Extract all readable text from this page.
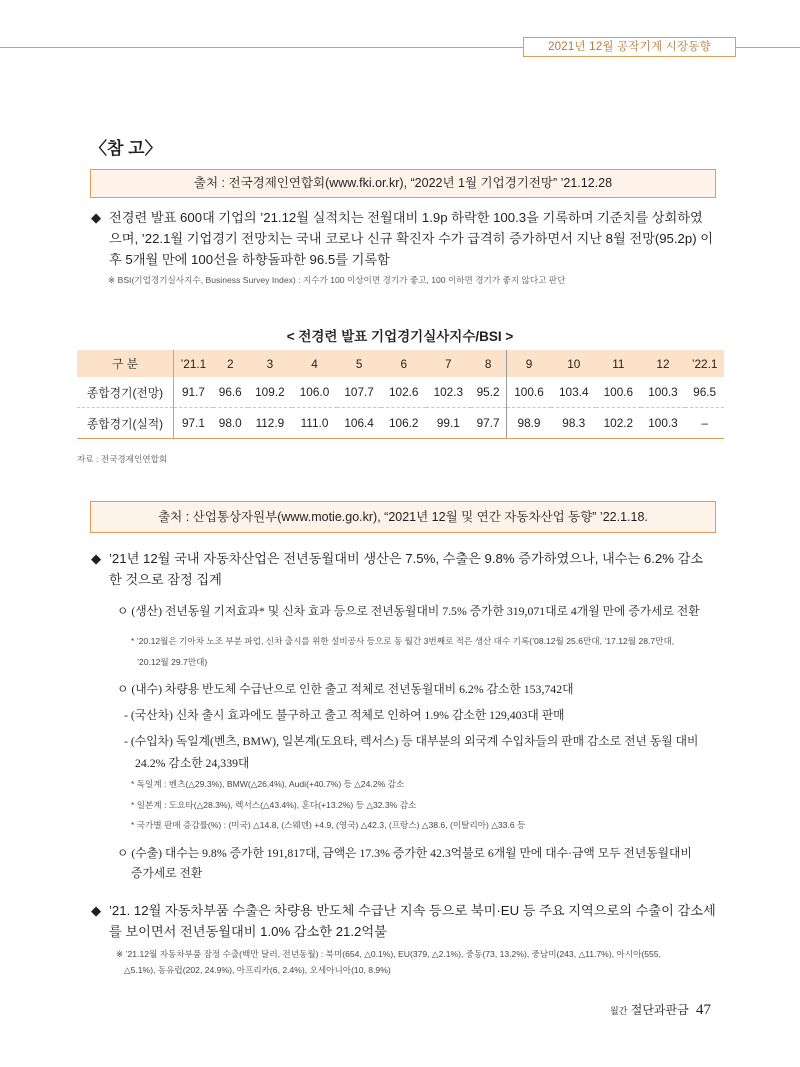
2021년 12월 공작기계 시장동향
〈참 고〉
출처 : 전국경제인연합회(www.fki.or.kr), “2022년 1월 기업경기전망” ’21.12.28
◆ 전경련 발표 600대 기업의 ’21.12월 실적치는 전월대비 1.9p 하락한 100.3을 기록하며 기준치를 상회하였
으며, ’22.1월 기업경기 전망치는 국내 코로나 신규 확진자 수가 급격히 증가하면서 지난 8월 전망(95.2p) 이
후 5개월 만에 100선을 하향돌파한 96.5를 기록함
※ BSI(기업경기실사지수, Business Survey Index) : 지수가 100 이상이면 경기가 좋고, 100 이하면 경기가 좋지 않다고 판단
< 전경련 발표 기업경기실사지수/BSI >
구 분	’21.1	2	3	4	5	6	7	8	9	10	11	12	’22.1
종합경기(전망)	91.7	96.6	109.2	106.0	107.7	102.6	102.3	95.2	100.6	103.4	100.6	100.3	96.5
종합경기(실적)	97.1	98.0	112.9	111.0	106.4	106.2	99.1	97.7	98.9	98.3	102.2	100.3	–
자료 : 전국경제인연합회
출처 : 산업통상자원부(www.motie.go.kr), “2021년 12월 및 연간 자동차산업 동향” ’22.1.18.
◆ ’21년 12월 국내 자동차산업은 전년동월대비 생산은 7.5%, 수출은 9.8% 증가하였으나, 내수는 6.2% 감소
한 것으로 잠정 집계
ㅇ (생산) 전년동월 기저효과* 및 신차 효과 등으로 전년동월대비 7.5% 증가한 319,071대로 4개월 만에 증가세로 전환
* ’20.12월은 기아차 노조 부분 파업, 신차 출시를 위한 설비공사 등으로 동 월간 3번째로 적은 생산 대수 기록(’08.12월 25.6만대, ’17.12월 28.7만대,
’20.12월 29.7만대)
ㅇ (내수) 차량용 반도체 수급난으로 인한 출고 적체로 전년동월대비 6.2% 감소한 153,742대
- (국산차) 신차 출시 효과에도 불구하고 출고 적체로 인하여 1.9% 감소한 129,403대 판매
- (수입차) 독일계(벤츠, BMW), 일본계(도요타, 렉서스) 등 대부분의 외국계 수입차들의 판매 감소로 전년 동월 대비
24.2% 감소한 24,339대
* 독일계 : 벤츠(△29.3%), BMW(△26.4%), Audi(+40.7%) 등 △24.2% 감소
* 일본계 : 도요타(△28.3%), 렉서스(△43.4%), 혼다(+13.2%) 등 △32.3% 감소
* 국가별 판매 증감률(%) : (미국) △14.8, (스웨덴) +4.9, (영국) △42.3, (프랑스) △38.6, (이탈리아) △33.6 등
ㅇ (수출) 대수는 9.8% 증가한 191,817대, 금액은 17.3% 증가한 42.3억불로 6개월 만에 대수·금액 모두 전년동월대비
증가세로 전환
◆ ’21. 12월 자동차부품 수출은 차량용 반도체 수급난 지속 등으로 북미·EU 등 주요 지역으로의 수출이 감소세
를 보이면서 전년동월대비 1.0% 감소한 21.2억불
※ ’21.12월 자동차부품 잠정 수출(백만 달러, 전년동월) : 북미(654, △0.1%), EU(379, △2.1%), 중동(73, 13.2%), 중남미(243, △11.7%), 아시아(555,
△5.1%), 동유럽(202, 24.9%), 아프리카(6, 2.4%), 오세아니아(10, 8.9%)
월간 절단과판금 47
